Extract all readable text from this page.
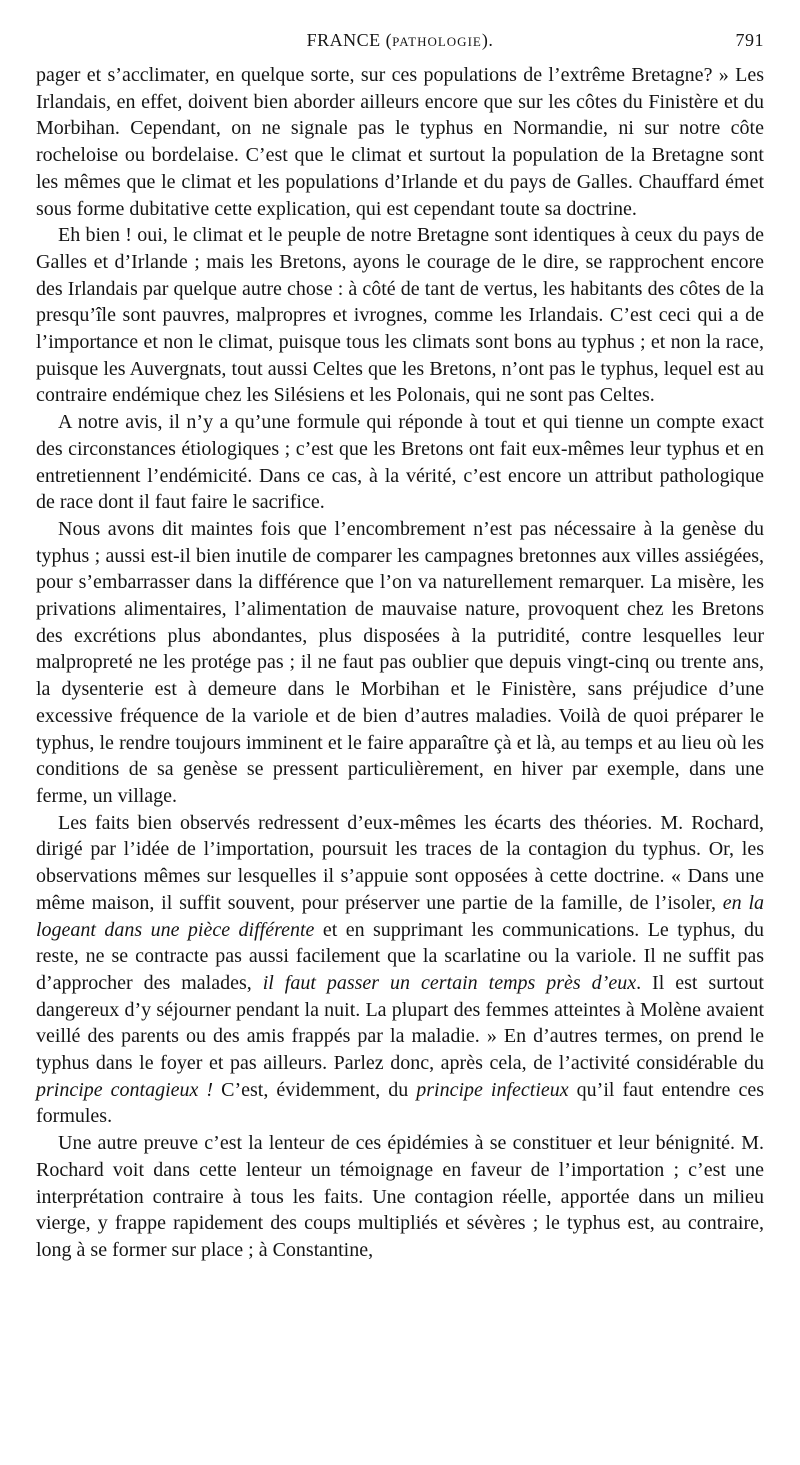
FRANCE (pathologie).	791

pager et s’acclimater, en quelque sorte, sur ces populations de l’extrême Bretagne? » Les Irlandais, en effet, doivent bien aborder ailleurs encore que sur les côtes du Finistère et du Morbihan. Cependant, on ne signale pas le typhus en Normandie, ni sur notre côte rocheloise ou bordelaise. C’est que le climat et surtout la population de la Bretagne sont les mêmes que le climat et les populations d’Irlande et du pays de Galles. Chauffard émet sous forme dubitative cette explication, qui est cependant toute sa doctrine.

Eh bien ! oui, le climat et le peuple de notre Bretagne sont identiques à ceux du pays de Galles et d’Irlande ; mais les Bretons, ayons le courage de le dire, se rapprochent encore des Irlandais par quelque autre chose : à côté de tant de vertus, les habitants des côtes de la presqu’île sont pauvres, malpropres et ivrognes, comme les Irlandais. C’est ceci qui a de l’importance et non le climat, puisque tous les climats sont bons au typhus ; et non la race, puisque les Auvergnats, tout aussi Celtes que les Bretons, n’ont pas le typhus, lequel est au contraire endémique chez les Silésiens et les Polonais, qui ne sont pas Celtes.

A notre avis, il n’y a qu’une formule qui réponde à tout et qui tienne un compte exact des circonstances étiologiques ; c’est que les Bretons ont fait eux-mêmes leur typhus et en entretiennent l’endémicité. Dans ce cas, à la vérité, c’est encore un attribut pathologique de race dont il faut faire le sacrifice.

Nous avons dit maintes fois que l’encombrement n’est pas nécessaire à la genèse du typhus ; aussi est-il bien inutile de comparer les campagnes bretonnes aux villes assiégées, pour s’embarrasser dans la différence que l’on va naturellement remarquer. La misère, les privations alimentaires, l’alimentation de mauvaise nature, provoquent chez les Bretons des excrétions plus abondantes, plus disposées à la putridité, contre lesquelles leur malpropreté ne les protége pas ; il ne faut pas oublier que depuis vingt-cinq ou trente ans, la dysenterie est à demeure dans le Morbihan et le Finistère, sans préjudice d’une excessive fréquence de la variole et de bien d’autres maladies. Voilà de quoi préparer le typhus, le rendre toujours imminent et le faire apparaître çà et là, au temps et au lieu où les conditions de sa genèse se pressent particulièrement, en hiver par exemple, dans une ferme, un village.

Les faits bien observés redressent d’eux-mêmes les écarts des théories. M. Rochard, dirigé par l’idée de l’importation, poursuit les traces de la contagion du typhus. Or, les observations mêmes sur lesquelles il s’appuie sont opposées à cette doctrine. « Dans une même maison, il suffit souvent, pour préserver une partie de la famille, de l’isoler, en la logeant dans une pièce différente et en supprimant les communications. Le typhus, du reste, ne se contracte pas aussi facilement que la scarlatine ou la variole. Il ne suffit pas d’approcher des malades, il faut passer un certain temps près d’eux. Il est surtout dangereux d’y séjourner pendant la nuit. La plupart des femmes atteintes à Molène avaient veillé des parents ou des amis frappés par la maladie. » En d’autres termes, on prend le typhus dans le foyer et pas ailleurs. Parlez donc, après cela, de l’activité considérable du principe contagieux ! C’est, évidemment, du principe infectieux qu’il faut entendre ces formules.

Une autre preuve c’est la lenteur de ces épidémies à se constituer et leur bénignité. M. Rochard voit dans cette lenteur un témoignage en faveur de l’importation ; c’est une interprétation contraire à tous les faits. Une contagion réelle, apportée dans un milieu vierge, y frappe rapidement des coups multipliés et sévères ; le typhus est, au contraire, long à se former sur place ; à Constantine,
